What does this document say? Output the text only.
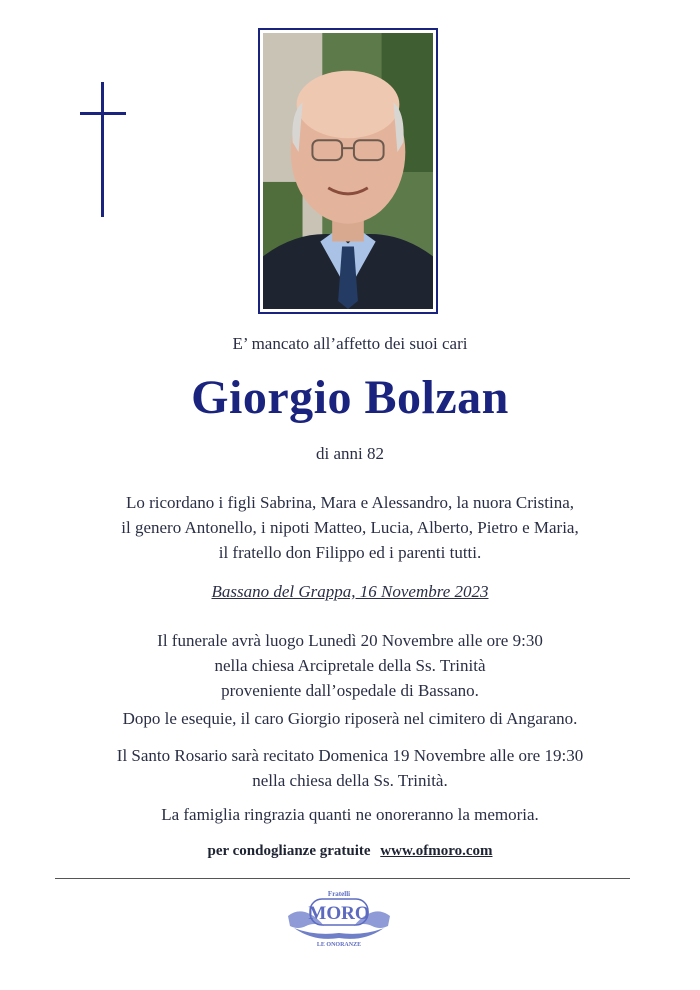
E’ mancato all’affetto dei suoi cari
Giorgio Bolzan
di anni 82
Lo ricordano i figli Sabrina, Mara e Alessandro, la nuora Cristina,
il genero Antonello, i nipoti Matteo, Lucia, Alberto, Pietro e Maria,
il fratello don Filippo ed i parenti tutti.
Bassano del Grappa, 16 Novembre 2023
Il funerale avrà luogo Lunedì 20 Novembre alle ore 9:30
nella chiesa Arcipretale della Ss. Trinità
proveniente dall’ospedale di Bassano.
Dopo le esequie, il caro Giorgio riposerà nel cimitero di Angarano.
Il Santo Rosario sarà recitato Domenica 19 Novembre alle ore 19:30
nella chiesa della Ss. Trinità.
La famiglia ringrazia quanti ne onoreranno la memoria.
per condoglianze gratuite www.ofmoro.com
Fratelli
MORO
LE ONORANZE
